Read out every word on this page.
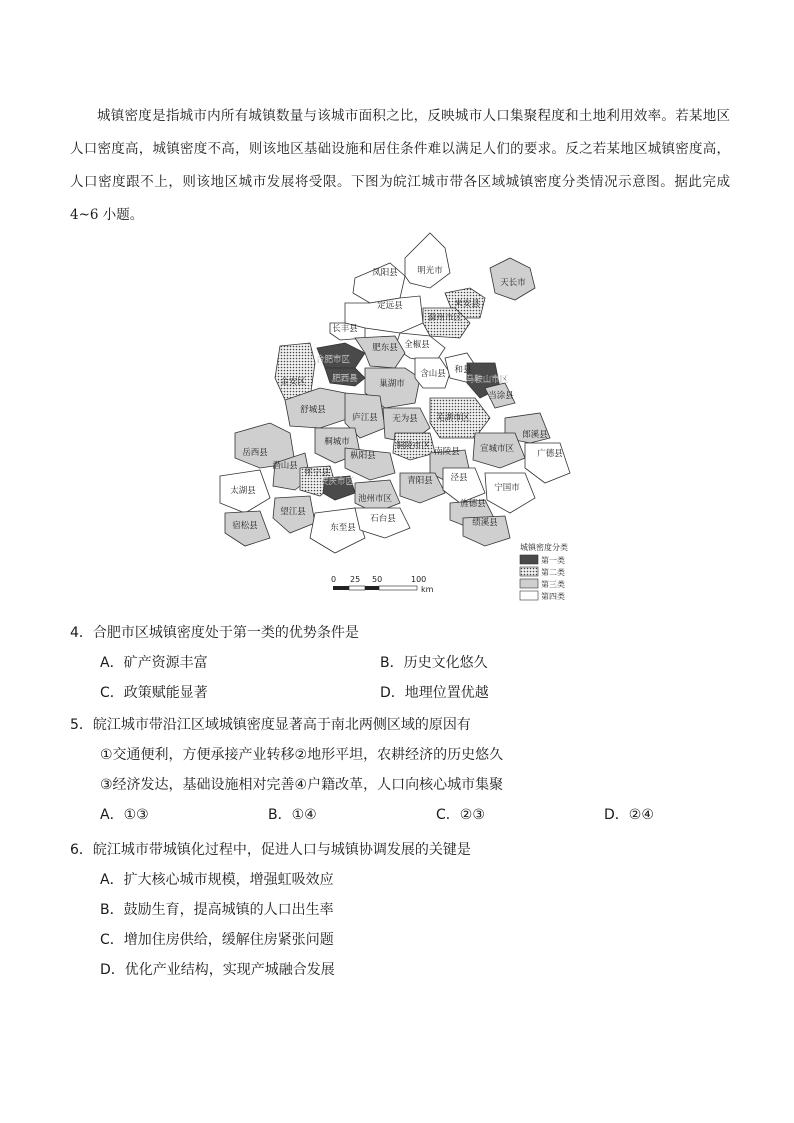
城镇密度是指城市内所有城镇数量与该城市面积之比，反映城市人口集聚程度和土地利用效率。若某地区人口密度高，城镇密度不高，则该地区基础设施和居住条件难以满足人们的要求。反之若某地区城镇密度高，人口密度跟不上，则该地区城市发展将受限。下图为皖江城市带各区域城镇密度分类情况示意图。据此完成 4~6 小题。

凤阳县 明光市
天长市
定远县	来安县
滁州市区
长丰县
全椒县
合肥市区
肥东县
肥西县
金安区	巢湖市
含山县 和县
马鞍山市区
当涂县
舒城县
庐江县 无为县 芜湖市区
郎溪县
岳西县
桐城市	铜陵市区	宣城市区	广德县
潜山县
枞阳县	南陵县
怀宁县
安庆市区
池州市区
青阳县 泾县
宁国市
太湖县
望江县
旌德县
宿松县	东至县
石台县	绩溪县
城镇密度分类
第一类
第二类
第三类
第四类
0 25 50	100
km
4．合肥市区城镇密度处于第一类的优势条件是
A．矿产资源丰富	B．历史文化悠久
C．政策赋能显著	D．地理位置优越
5．皖江城市带沿江区域城镇密度显著高于南北两侧区域的原因有
①交通便利，方便承接产业转移②地形平坦，农耕经济的历史悠久
③经济发达，基础设施相对完善④户籍改革，人口向核心城市集聚
A．①③	B．①④	C．②③	D．②④
6．皖江城市带城镇化过程中，促进人口与城镇协调发展的关键是
A．扩大核心城市规模，增强虹吸效应
B．鼓励生育，提高城镇的人口出生率
C．增加住房供给，缓解住房紧张问题
D．优化产业结构，实现产城融合发展
